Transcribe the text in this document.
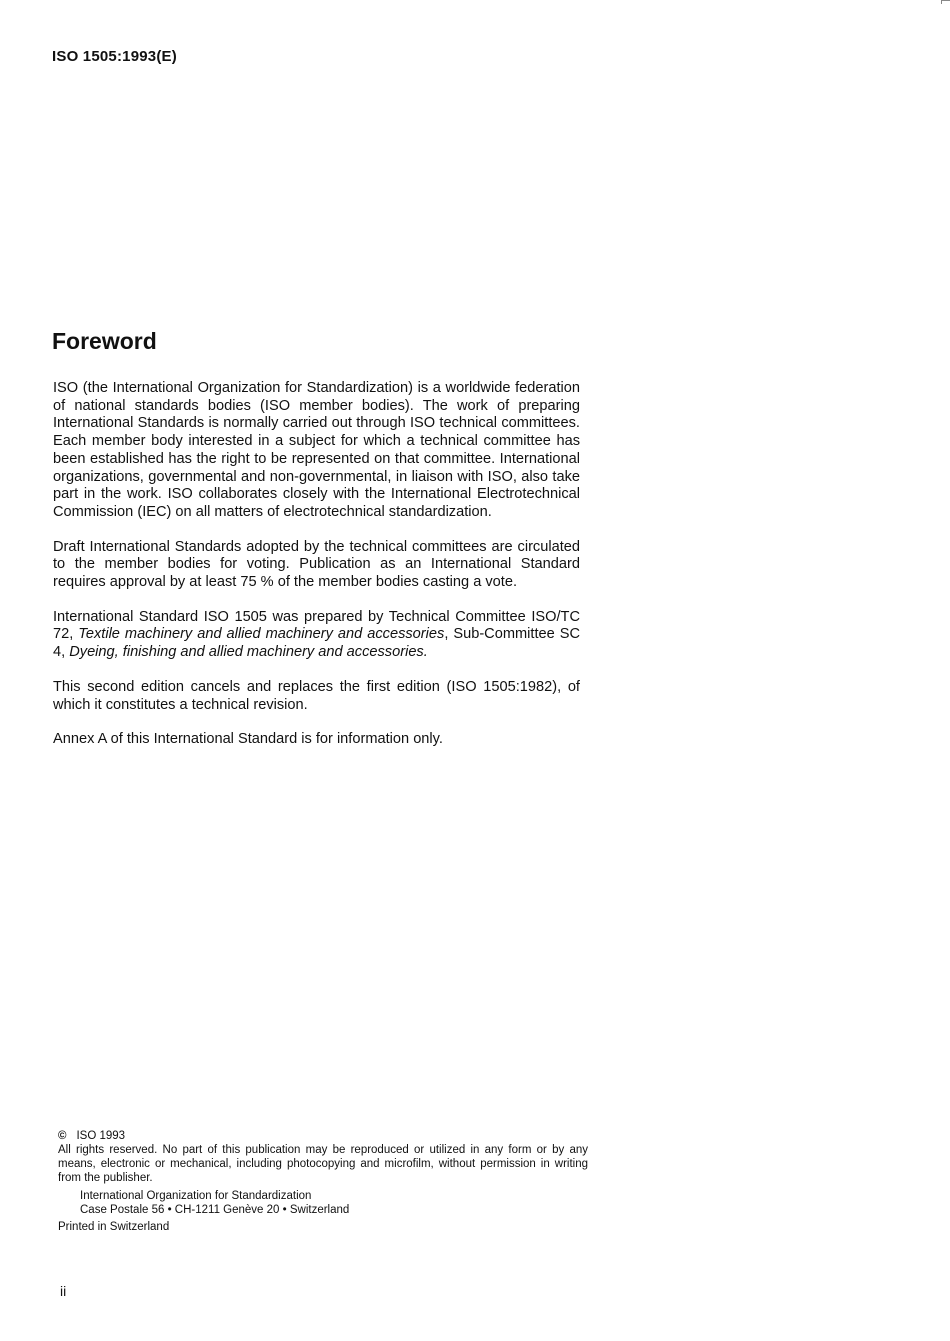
ISO 1505:1993(E)

Foreword

ISO (the International Organization for Standardization) is a worldwide federation of national standards bodies (ISO member bodies). The work of preparing International Standards is normally carried out through ISO technical committees. Each member body interested in a subject for which a technical committee has been established has the right to be represented on that committee. International organizations, governmental and non-governmental, in liaison with ISO, also take part in the work. ISO collaborates closely with the International Electrotechnical Commission (IEC) on all matters of electrotechnical standardization.

Draft International Standards adopted by the technical committees are circulated to the member bodies for voting. Publication as an International Standard requires approval by at least 75 % of the member bodies casting a vote.

International Standard ISO 1505 was prepared by Technical Committee ISO/TC 72, Textile machinery and allied machinery and accessories, Sub-Committee SC 4, Dyeing, finishing and allied machinery and accessories.

This second edition cancels and replaces the first edition (ISO 1505:1982), of which it constitutes a technical revision.

Annex A of this International Standard is for information only.

© ISO 1993

All rights reserved. No part of this publication may be reproduced or utilized in any form or by any means, electronic or mechanical, including photocopying and microfilm, without permission in writing from the publisher.

International Organization for Standardization
Case Postale 56 • CH-1211 Genève 20 • Switzerland

Printed in Switzerland

ii
